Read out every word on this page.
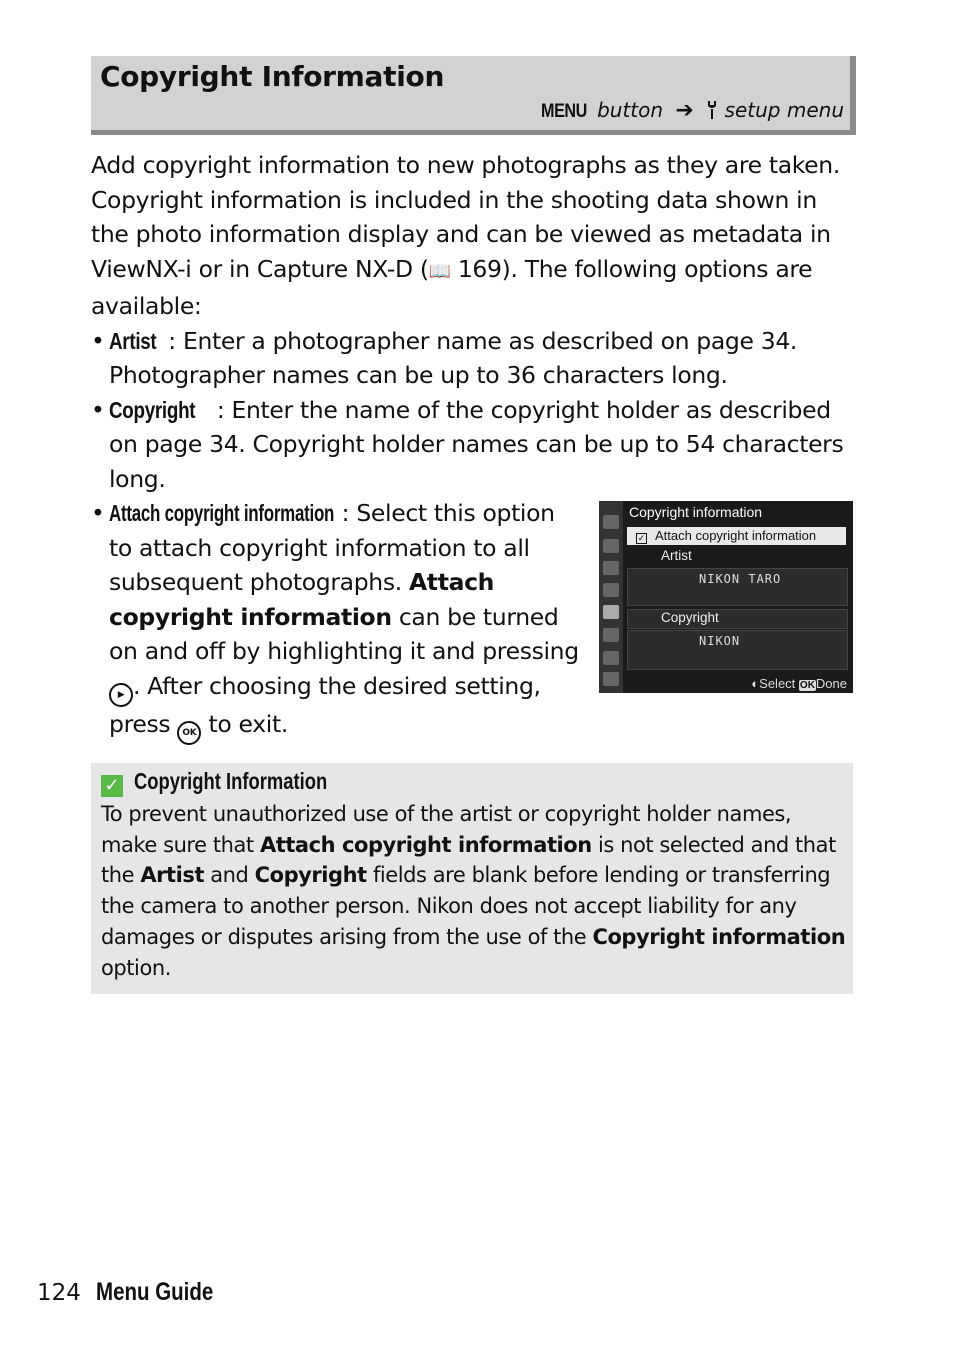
Copyright Information
MENU button ➔ setup menu

Add copyright information to new photographs as they are taken. Copyright information is included in the shooting data shown in the photo information display and can be viewed as metadata in ViewNX-i or in Capture NX-D (📖 169). The following options are available:

• Artist : Enter a photographer name as described on page 34. Photographer names can be up to 36 characters long.

• Copyright : Enter the name of the copyright holder as described on page 34. Copyright holder names can be up to 54 characters long.

• Attach copyright information : Select this option to attach copyright information to all subsequent photographs. Attach copyright information can be turned on and off by highlighting it and pressing ▶ . After choosing the desired setting, press OK to exit.

Copyright information
✓ Attach copyright information
Artist
NIKON TARO
Copyright
NIKON
◐Select OKDone
✓ Copyright Information
To prevent unauthorized use of the artist or copyright holder names, make sure that Attach copyright information is not selected and that the Artist and Copyright fields are blank before lending or transferring the camera to another person. Nikon does not accept liability for any damages or disputes arising from the use of the Copyright information option.
124 Menu Guide
